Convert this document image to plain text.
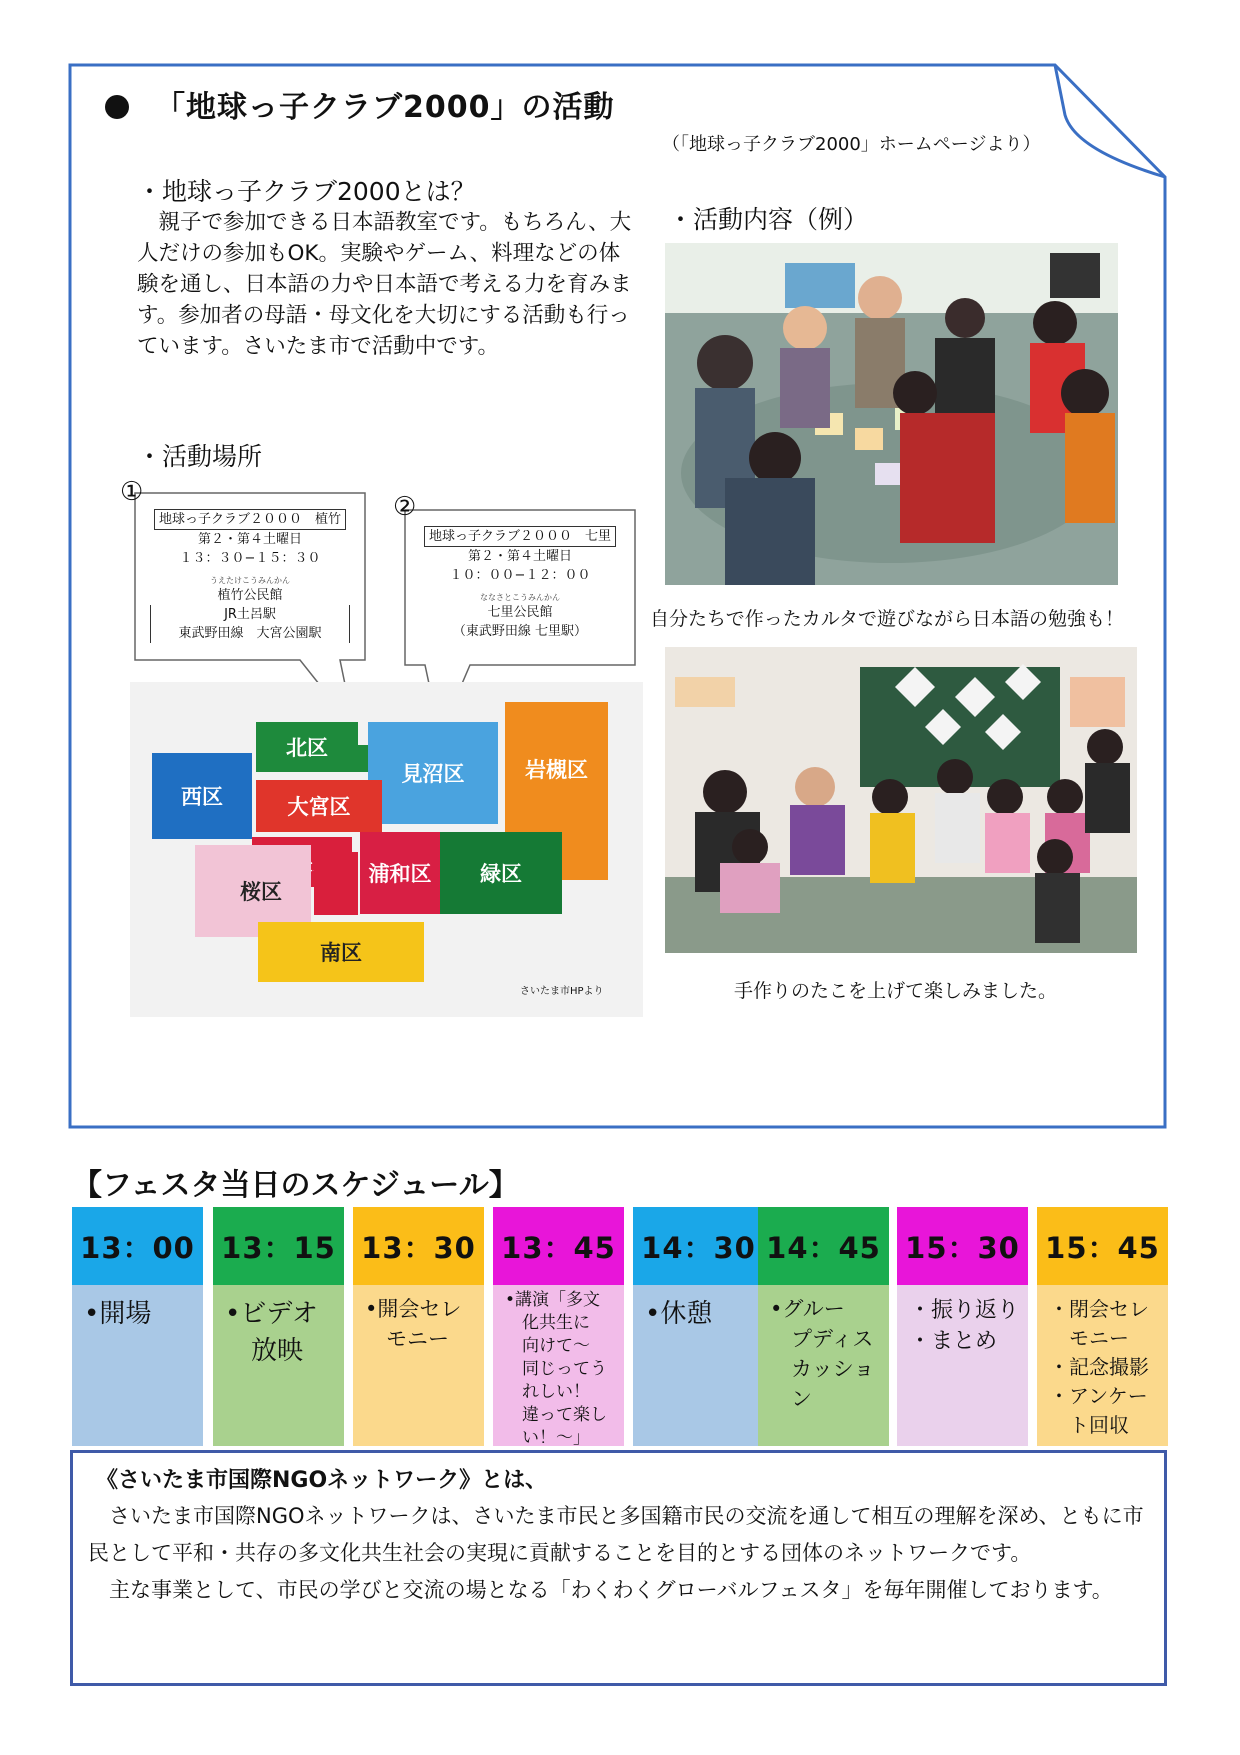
「地球っ子クラブ2000」の活動
（「地球っ子クラブ2000」ホームページより）
・地球っ子クラブ2000とは？
　親子で参加できる日本語教室です。もちろん、大人だけの参加もOK。実験やゲーム、料理などの体験を通し、日本語の力や日本語で考える力を育みます。参加者の母語・母文化を大切にする活動も行っています。さいたま市で活動中です。
・活動場所
①	②
地球っ子クラブ２０００　植竹
第２・第４土曜日
１３：３０−１５：３０
うえたけこうみんかん
植竹公民館
JR土呂駅
東武野田線　大宮公園駅
地球っ子クラブ２０００　七里
第２・第４土曜日
１０：００−１２：００
ななさとこうみんかん
七里公民館
（東武野田線 七里駅）
西区
北区
見沼区	岩槻区
大宮区
浦和区	緑区
桜区
南区
さいたま市HPより
・活動内容（例）
自分たちで作ったカルタで遊びながら日本語の勉強も！
手作りのたこを上げて楽しみました。
【フェスタ当日のスケジュール】
13：00
•開場
13：15
•ビデオ
　放映
13：30
•開会セレ
　モニー
13：45
•講演「多文
　化共生に
　向けて〜
　同じってう
　れしい！
　違って楽し
　い！〜」
14：30
•休憩
14：45
•グルー
　プディス
　カッショ
　ン
15：30
・振り返り
・まとめ
15：45
・閉会セレ
　モニー
・記念撮影
・アンケー
　ト回収
《さいたま市国際NGOネットワーク》とは、
　さいたま市国際NGOネットワークは、さいたま市民と多国籍市民の交流を通して相互の理解を深め、ともに市民として平和・共存の多文化共生社会の実現に貢献することを目的とする団体のネットワークです。
　主な事業として、市民の学びと交流の場となる「わくわくグローバルフェスタ」を毎年開催しております。
